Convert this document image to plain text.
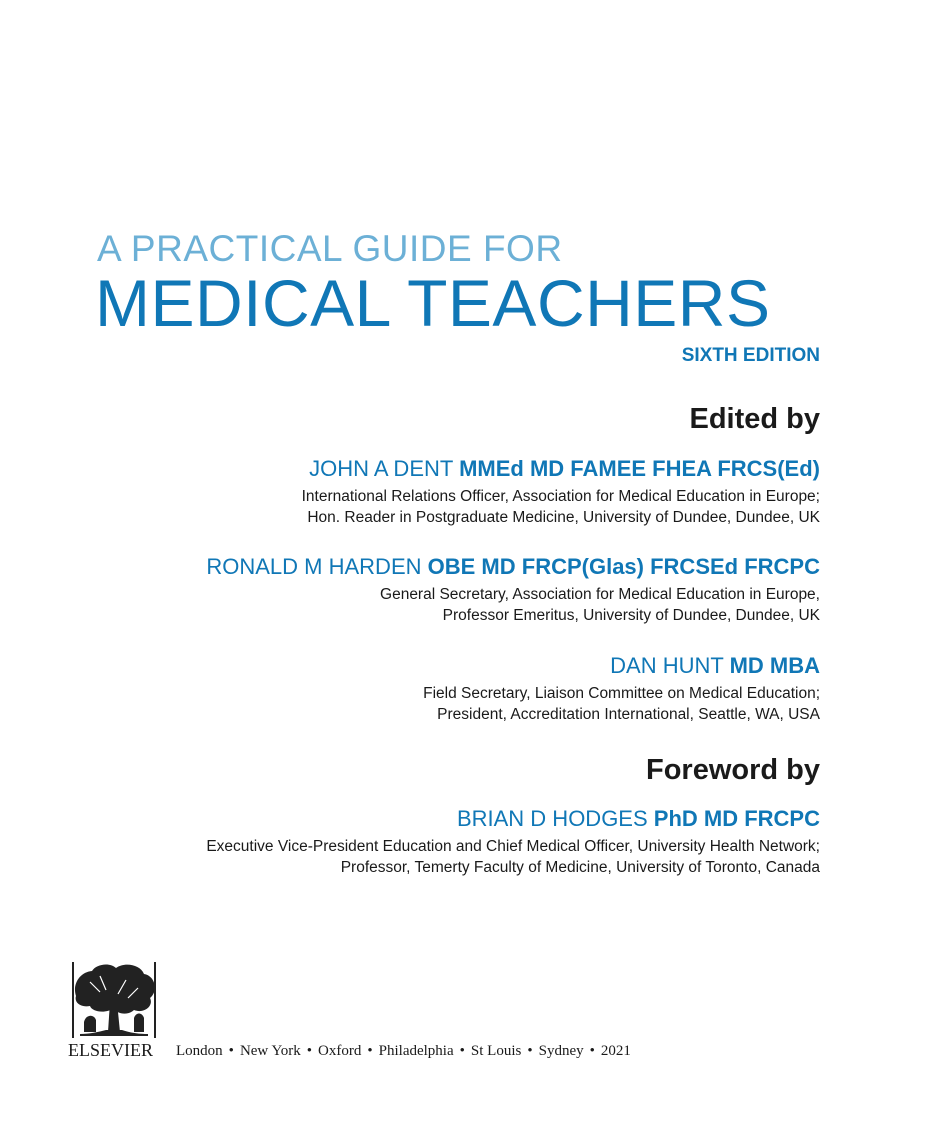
A PRACTICAL GUIDE FOR
MEDICAL TEACHERS
SIXTH EDITION
Edited by
JOHN A DENT MMEd MD FAMEE FHEA FRCS(Ed)
International Relations Officer, Association for Medical Education in Europe;
Hon. Reader in Postgraduate Medicine, University of Dundee, Dundee, UK
RONALD M HARDEN OBE MD FRCP(Glas) FRCSEd FRCPC
General Secretary, Association for Medical Education in Europe,
Professor Emeritus, University of Dundee, Dundee, UK
DAN HUNT MD MBA
Field Secretary, Liaison Committee on Medical Education;
President, Accreditation International, Seattle, WA, USA
Foreword by
BRIAN D HODGES PhD MD FRCPC
Executive Vice-President Education and Chief Medical Officer, University Health Network;
Professor, Temerty Faculty of Medicine, University of Toronto, Canada
ELSEVIER London • New York • Oxford • Philadelphia • St Louis • Sydney • 2021
